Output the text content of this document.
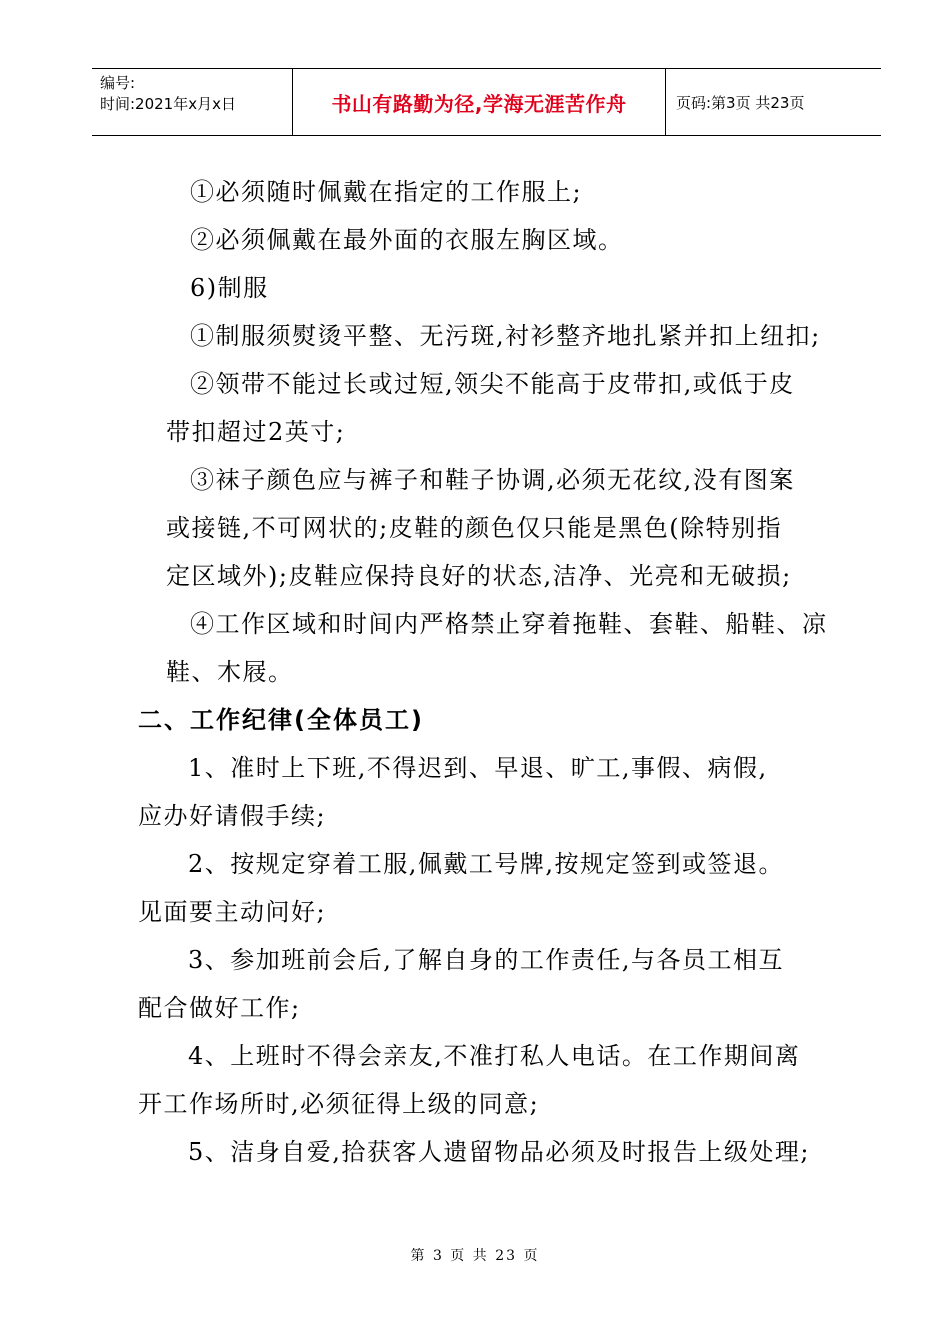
编号:
时间:2021年x月x日	书山有路勤为径,学海无涯苦作舟	页码:第3页 共23页
①必须随时佩戴在指定的工作服上;
②必须佩戴在最外面的衣服左胸区域。
6)制服
①制服须熨烫平整、无污斑,衬衫整齐地扎紧并扣上纽扣;
②领带不能过长或过短,领尖不能高于皮带扣,或低于皮
带扣超过2英寸;
③袜子颜色应与裤子和鞋子协调,必须无花纹,没有图案
或接链,不可网状的;皮鞋的颜色仅只能是黑色(除特别指
定区域外);皮鞋应保持良好的状态,洁净、光亮和无破损;
④工作区域和时间内严格禁止穿着拖鞋、套鞋、船鞋、凉
鞋、木屐。
二、工作纪律(全体员工)
1、准时上下班,不得迟到、早退、旷工,事假、病假,
应办好请假手续;
2、按规定穿着工服,佩戴工号牌,按规定签到或签退。
见面要主动问好;
3、参加班前会后,了解自身的工作责任,与各员工相互
配合做好工作;
4、上班时不得会亲友,不准打私人电话。在工作期间离
开工作场所时,必须征得上级的同意;
5、洁身自爱,拾获客人遗留物品必须及时报告上级处理;
第 3 页 共 23 页
